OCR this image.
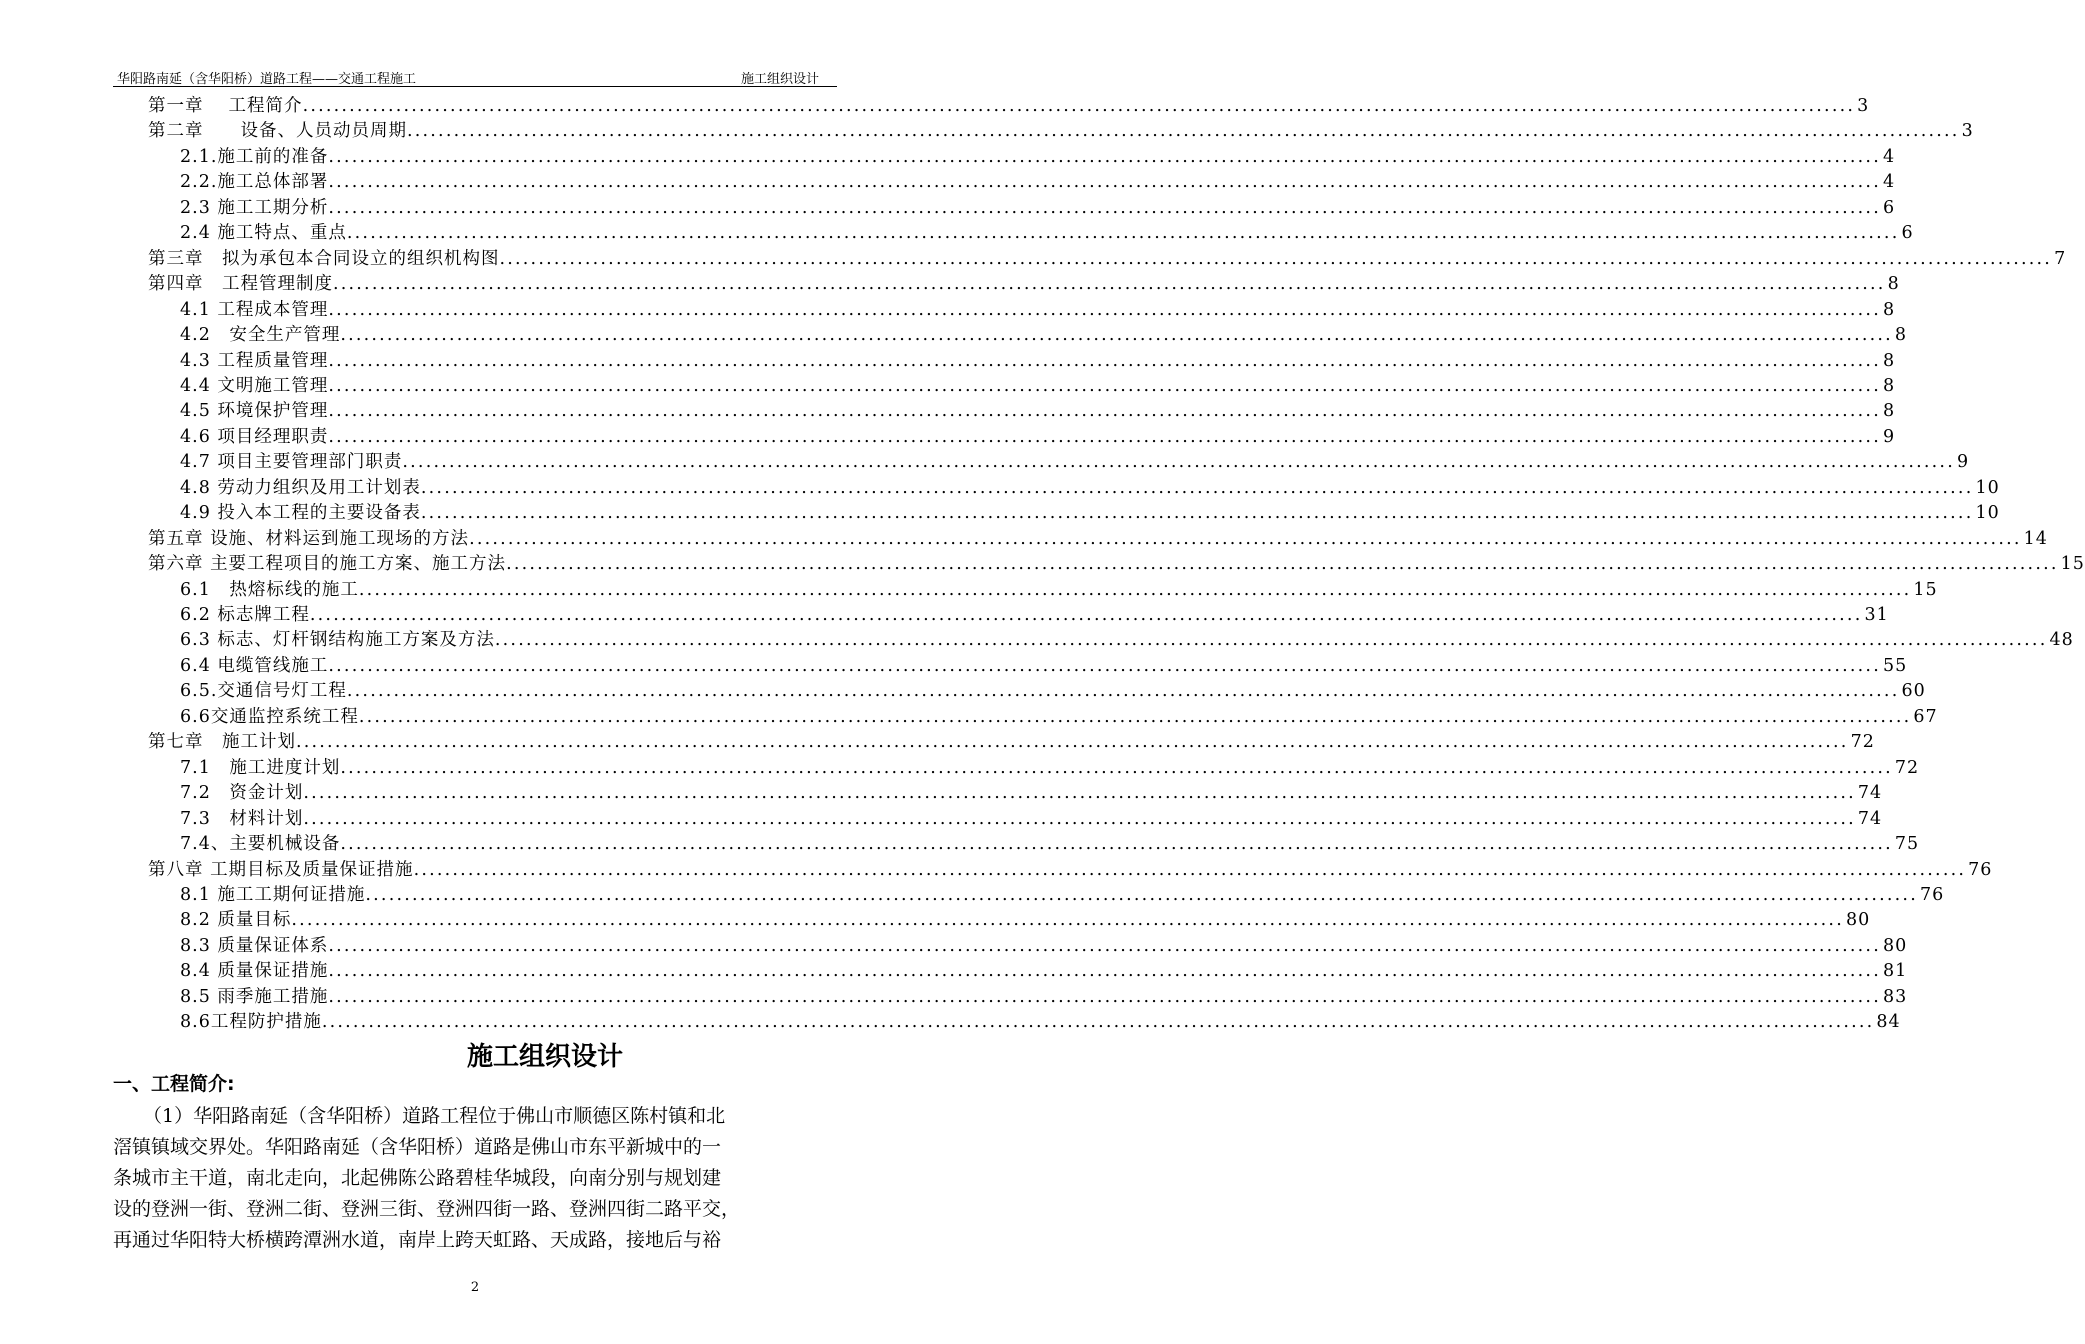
华阳路南延（含华阳桥）道路工程——交通工程施工	施工组织设计
第一章　 工程简介 ........................................................................................................................................................................................................ 3
第二章　　设备、人员动员周期 ........................................................................................................................................................................................................ 3
2.1.施工前的准备 ........................................................................................................................................................................................................ 4
2.2.施工总体部署 ........................................................................................................................................................................................................ 4
2.3 施工工期分析 ........................................................................................................................................................................................................ 6
2.4 施工特点、重点 ........................................................................................................................................................................................................ 6
第三章　拟为承包本合同设立的组织机构图 ........................................................................................................................................................................................................ 7
第四章　工程管理制度 ........................................................................................................................................................................................................ 8
4.1 工程成本管理 ........................................................................................................................................................................................................ 8
4.2　安全生产管理 ........................................................................................................................................................................................................ 8
4.3 工程质量管理 ........................................................................................................................................................................................................ 8
4.4 文明施工管理 ........................................................................................................................................................................................................ 8
4.5 环境保护管理 ........................................................................................................................................................................................................ 8
4.6 项目经理职责 ........................................................................................................................................................................................................ 9
4.7 项目主要管理部门职责 ........................................................................................................................................................................................................ 9
4.8 劳动力组织及用工计划表 ........................................................................................................................................................................................................ 10
4.9 投入本工程的主要设备表 ........................................................................................................................................................................................................ 10
第五章 设施、材料运到施工现场的方法 ........................................................................................................................................................................................................ 14
第六章 主要工程项目的施工方案、施工方法 ........................................................................................................................................................................................................ 15
6.1　热熔标线的施工 ........................................................................................................................................................................................................ 15
6.2 标志牌工程 ........................................................................................................................................................................................................ 31
6.3 标志、灯杆钢结构施工方案及方法 ........................................................................................................................................................................................................ 48
6.4 电缆管线施工 ........................................................................................................................................................................................................ 55
6.5.交通信号灯工程 ........................................................................................................................................................................................................ 60
6.6交通监控系统工程 ........................................................................................................................................................................................................ 67
第七章　施工计划 ........................................................................................................................................................................................................ 72
7.1　施工进度计划 ........................................................................................................................................................................................................ 72
7.2　资金计划 ........................................................................................................................................................................................................ 74
7.3　材料计划 ........................................................................................................................................................................................................ 74
7.4、主要机械设备 ........................................................................................................................................................................................................ 75
第八章 工期目标及质量保证措施 ........................................................................................................................................................................................................ 76
8.1 施工工期何证措施 ........................................................................................................................................................................................................ 76
8.2 质量目标 ........................................................................................................................................................................................................ 80
8.3 质量保证体系 ........................................................................................................................................................................................................ 80
8.4 质量保证措施 ........................................................................................................................................................................................................ 81
8.5 雨季施工措施 ........................................................................................................................................................................................................ 83
8.6工程防护措施 ........................................................................................................................................................................................................ 84
施工组织设计
一、工程简介:
（1）华阳路南延（含华阳桥）道路工程位于佛山市顺德区陈村镇和北
滘镇镇域交界处。华阳路南延（含华阳桥）道路是佛山市东平新城中的一
条城市主干道，南北走向，北起佛陈公路碧桂华城段，向南分别与规划建
设的登洲一街、登洲二街、登洲三街、登洲四街一路、登洲四街二路平交，
再通过华阳特大桥横跨潭洲水道，南岸上跨天虹路、天成路，接地后与裕
2
